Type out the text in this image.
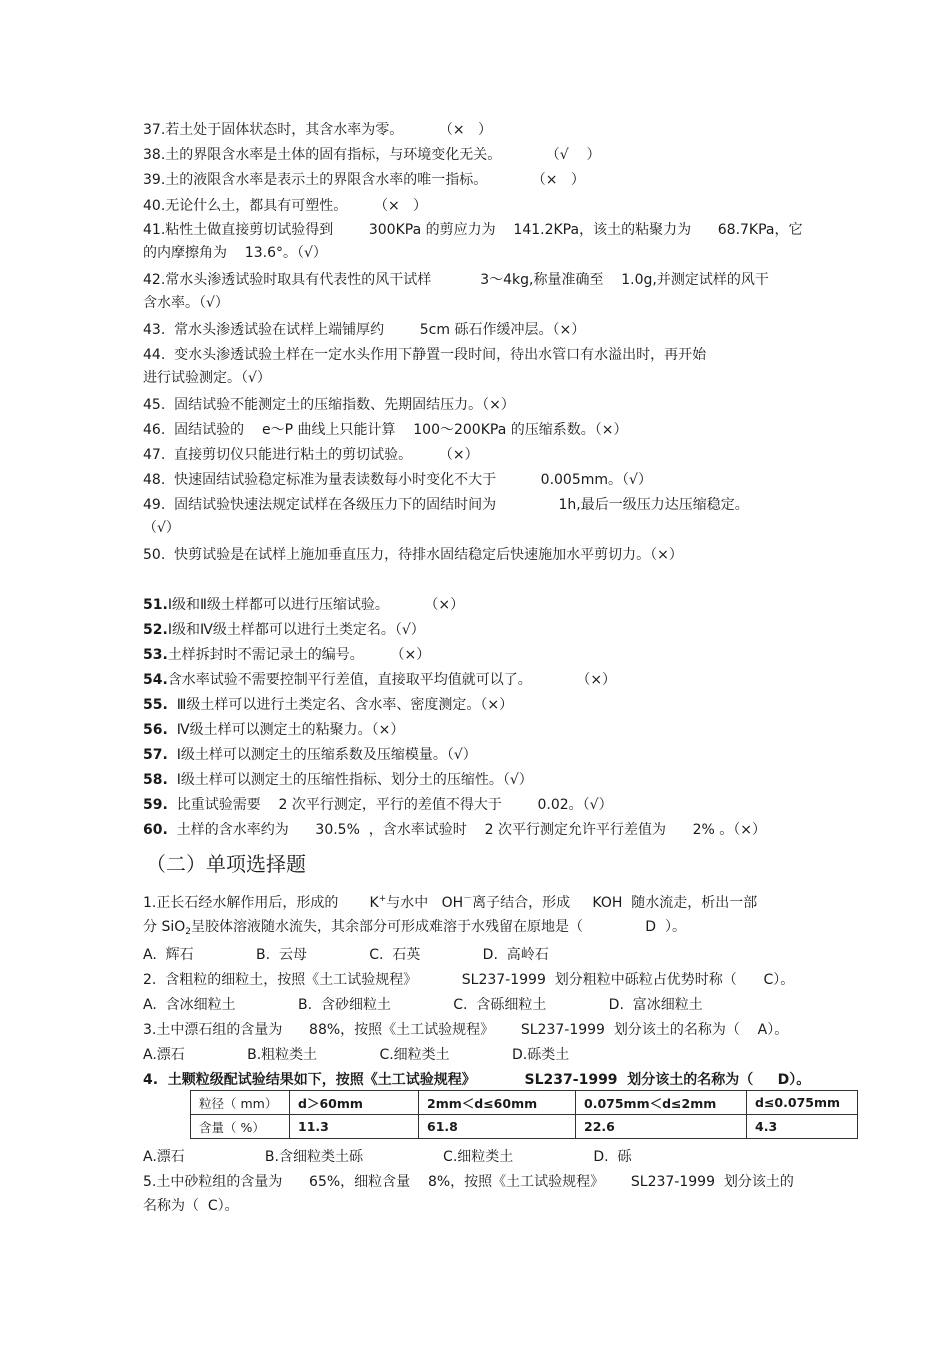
37.若土处于固体状态时，其含水率为零。        （×   ）
38.土的界限含水率是土体的固有指标，与环境变化无关。          （√    ）
39.土的液限含水率是表示土的界限含水率的唯一指标。          （×   ）
40.无论什么土，都具有可塑性。      （×   ）
41.粘性土做直接剪切试验得到        300KPa 的剪应力为    141.2KPa，该土的粘聚力为      68.7KPa，它
的内摩擦角为    13.6°。（√）
42.常水头渗透试验时取具有代表性的风干试样           3～4kg,称量准确至    1.0g,并测定试样的风干
含水率。（√）
43.  常水头渗透试验在试样上端铺厚约        5cm 砾石作缓冲层。（×）
44.  变水头渗透试验土样在一定水头作用下静置一段时间，待出水管口有水溢出时，再开始
进行试验测定。（√）
45.  固结试验不能测定土的压缩指数、先期固结压力。（×）
46.  固结试验的    e～P 曲线上只能计算    100～200KPa 的压缩系数。（×）
47.  直接剪切仪只能进行粘土的剪切试验。      （×）
48.  快速固结试验稳定标准为量表读数每小时变化不大于          0.005mm。（√）
49.  固结试验快速法规定试样在各级压力下的固结时间为              1h,最后一级压力达压缩稳定。
（√）
50.  快剪试验是在试样上施加垂直压力，待排水固结稳定后快速施加水平剪切力。（×）
51.Ⅰ级和Ⅱ级土样都可以进行压缩试验。        （×）
52.Ⅰ级和Ⅳ级土样都可以进行土类定名。（√）
53.土样拆封时不需记录土的编号。      （×）
54.含水率试验不需要控制平行差值，直接取平均值就可以了。          （×）
55.  Ⅲ级土样可以进行土类定名、含水率、密度测定。（×）
56.  Ⅳ级土样可以测定土的粘聚力。（×）
57.  Ⅰ级土样可以测定土的压缩系数及压缩模量。（√）
58.  Ⅰ级土样可以测定土的压缩性指标、划分土的压缩性。（√）
59.  比重试验需要    2 次平行测定，平行的差值不得大于        0.02。（√）
60.  土样的含水率约为      30.5%  ，含水率试验时    2 次平行测定允许平行差值为      2% 。（×）
（二）单项选择题
1.正长石经水解作用后，形成的       K+与水中   OH－离子结合，形成     KOH  随水流走，析出一部
分 SiO$_2$呈胶体溶液随水流失，其余部分可形成难溶于水残留在原地是（              D  ）。
A.  辉石              B.  云母              C.  石英              D.  高岭石
2.  含粗粒的细粒土，按照《土工试验规程》          SL237-1999  划分粗粒中砾粒占优势时称（      C）。
A.  含冰细粒土              B.  含砂细粒土              C.  含砾细粒土              D.  富冰细粒土
3.土中漂石组的含量为      88%，按照《土工试验规程》      SL237-1999  划分该土的名称为（    A）。
A.漂石              B.粗粒类土              C.细粒类土              D.砾类土
4.  土颗粒级配试验结果如下，按照《土工试验规程》          SL237-1999  划分该土的名称为（     D）。
粒径（ mm）	d＞60mm	2mm＜d≤60mm	0.075mm＜d≤2mm	d≤0.075mm
含量（ %）	11.3	61.8	22.6	4.3
A.漂石                  B.含细粒类土砾                  C.细粒类土                  D.  砾
5.土中砂粒组的含量为      65%，细粒含量    8%，按照《土工试验规程》      SL237-1999  划分该土的
名称为（  C）。
